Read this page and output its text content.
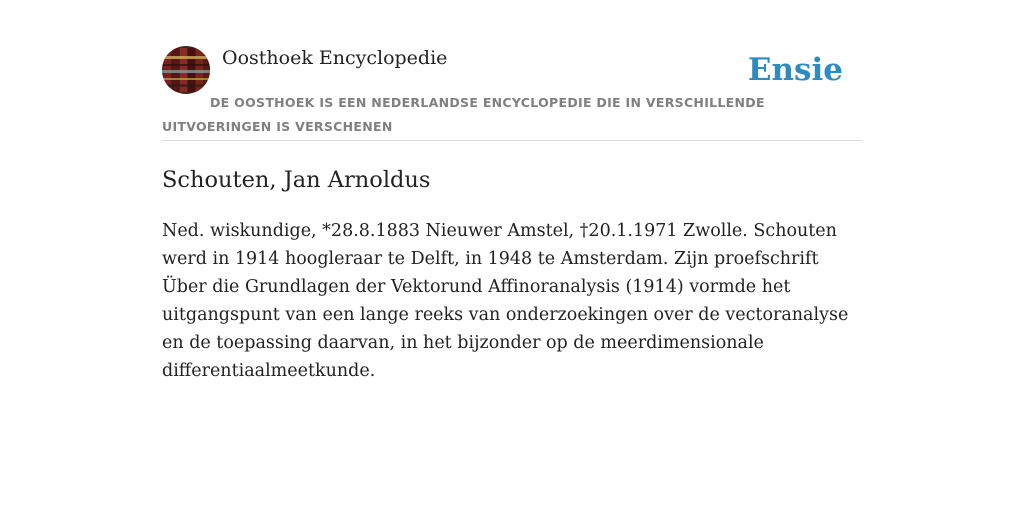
Oosthoek Encyclopedie	Ensie
DE OOSTHOEK IS EEN NEDERLANDSE ENCYCLOPEDIE DIE IN VERSCHILLENDE UITVOERINGEN IS VERSCHENEN
Schouten, Jan Arnoldus

Ned. wiskundige, *28.8.1883 Nieuwer Amstel, †20.1.1971 Zwolle. Schouten werd in 1914 hoogleraar te Delft, in 1948 te Amsterdam. Zijn proefschrift Über die Grundlagen der Vektorund Affinoranalysis (1914) vormde het uitgangspunt van een lange reeks van onderzoekingen over de vectoranalyse en de toepassing daarvan, in het bijzonder op de meerdimensionale differentiaalmeetkunde.
